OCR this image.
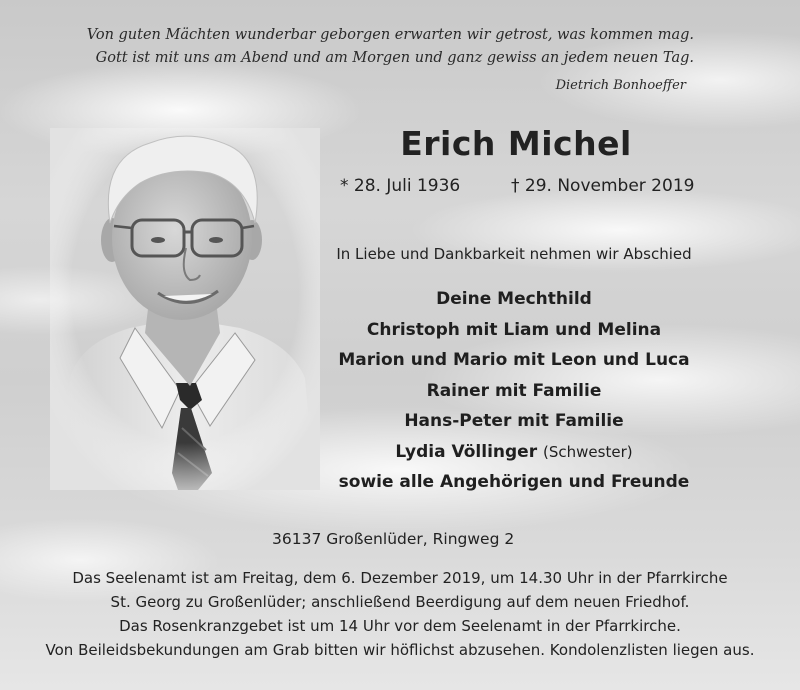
Von guten Mächten wunderbar geborgen erwarten wir getrost, was kommen mag.
Gott ist mit uns am Abend und am Morgen und ganz gewiss an jedem neuen Tag.

Dietrich Bonhoeffer
Erich Michel
* 28. Juli 1936	† 29. November 2019
In Liebe und Dankbarkeit nehmen wir Abschied
Deine Mechthild
Christoph mit Liam und Melina
Marion und Mario mit Leon und Luca
Rainer mit Familie
Hans-Peter mit Familie
Lydia Völlinger (Schwester)
sowie alle Angehörigen und Freunde
36137 Großenlüder, Ringweg 2
Das Seelenamt ist am Freitag, dem 6. Dezember 2019, um 14.30 Uhr in der Pfarrkirche
St. Georg zu Großenlüder; anschließend Beerdigung auf dem neuen Friedhof.
Das Rosenkranzgebet ist um 14 Uhr vor dem Seelenamt in der Pfarrkirche.
Von Beileidsbekundungen am Grab bitten wir höflichst abzusehen. Kondolenzlisten liegen aus.
